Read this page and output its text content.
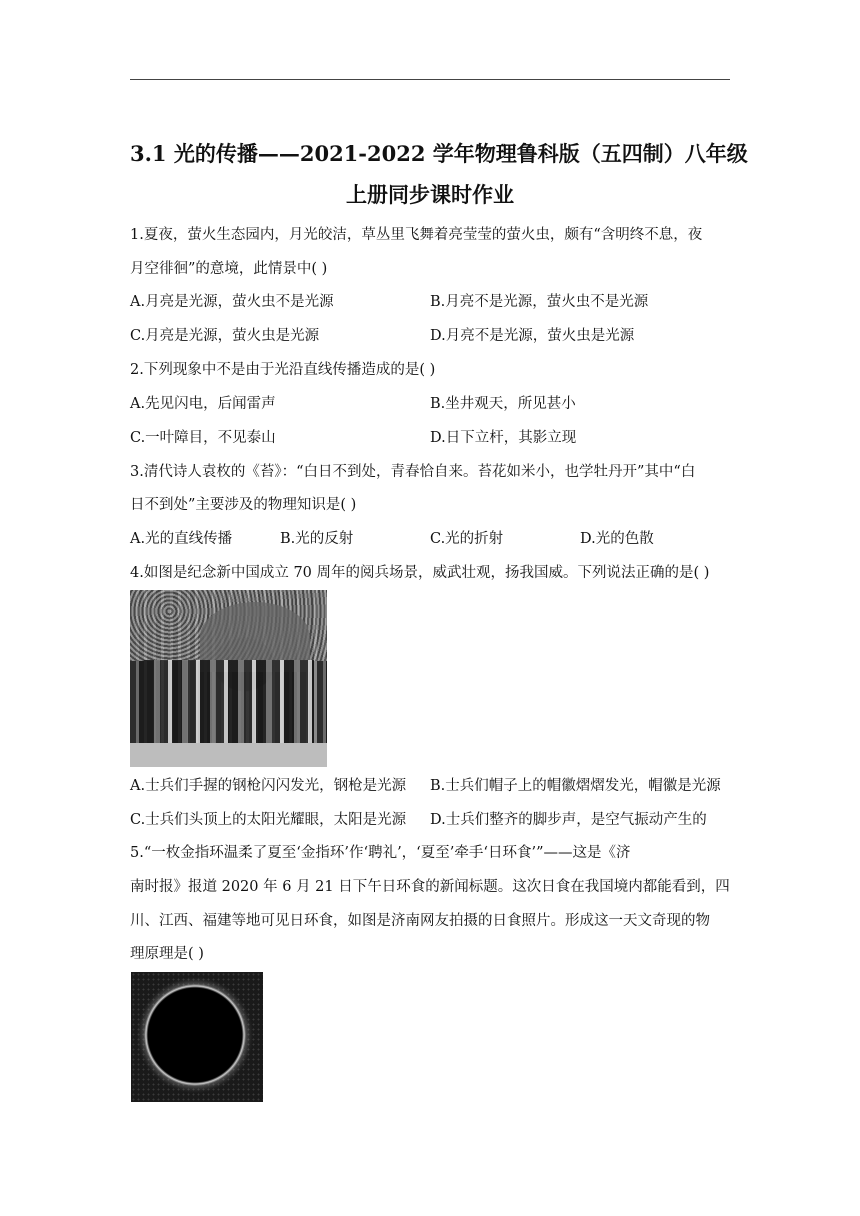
3.1 光的传播——2021-2022 学年物理鲁科版（五四制）八年级
上册同步课时作业
1.夏夜，萤火生态园内，月光皎洁，草丛里飞舞着亮莹莹的萤火虫，颇有“含明终不息，夜
月空徘徊”的意境，此情景中( )
A.月亮是光源，萤火虫不是光源	B.月亮不是光源，萤火虫不是光源
C.月亮是光源，萤火虫是光源	D.月亮不是光源，萤火虫是光源
2.下列现象中不是由于光沿直线传播造成的是( )
A.先见闪电，后闻雷声	B.坐井观天，所见甚小
C.一叶障目，不见泰山	D.日下立杆，其影立现
3.清代诗人袁枚的《苔》：“白日不到处，青春恰自来。苔花如米小，也学牡丹开”其中“白
日不到处”主要涉及的物理知识是( )
A.光的直线传播	B.光的反射	C.光的折射	D.光的色散
4.如图是纪念新中国成立 70 周年的阅兵场景，威武壮观，扬我国威。下列说法正确的是( )
A.士兵们手握的钢枪闪闪发光，钢枪是光源 B.士兵们帽子上的帽徽熠熠发光，帽徽是光源
C.士兵们头顶上的太阳光耀眼，太阳是光源 D.士兵们整齐的脚步声，是空气振动产生的
5.“一枚金指环温柔了夏至‘金指环’作‘聘礼’，‘夏至’牵手‘日环食’”——这是《济
南时报》报道 2020 年 6 月 21 日下午日环食的新闻标题。这次日食在我国境内都能看到，四
川、江西、福建等地可见日环食，如图是济南网友拍摄的日食照片。形成这一天文奇现的物
理原理是( )
